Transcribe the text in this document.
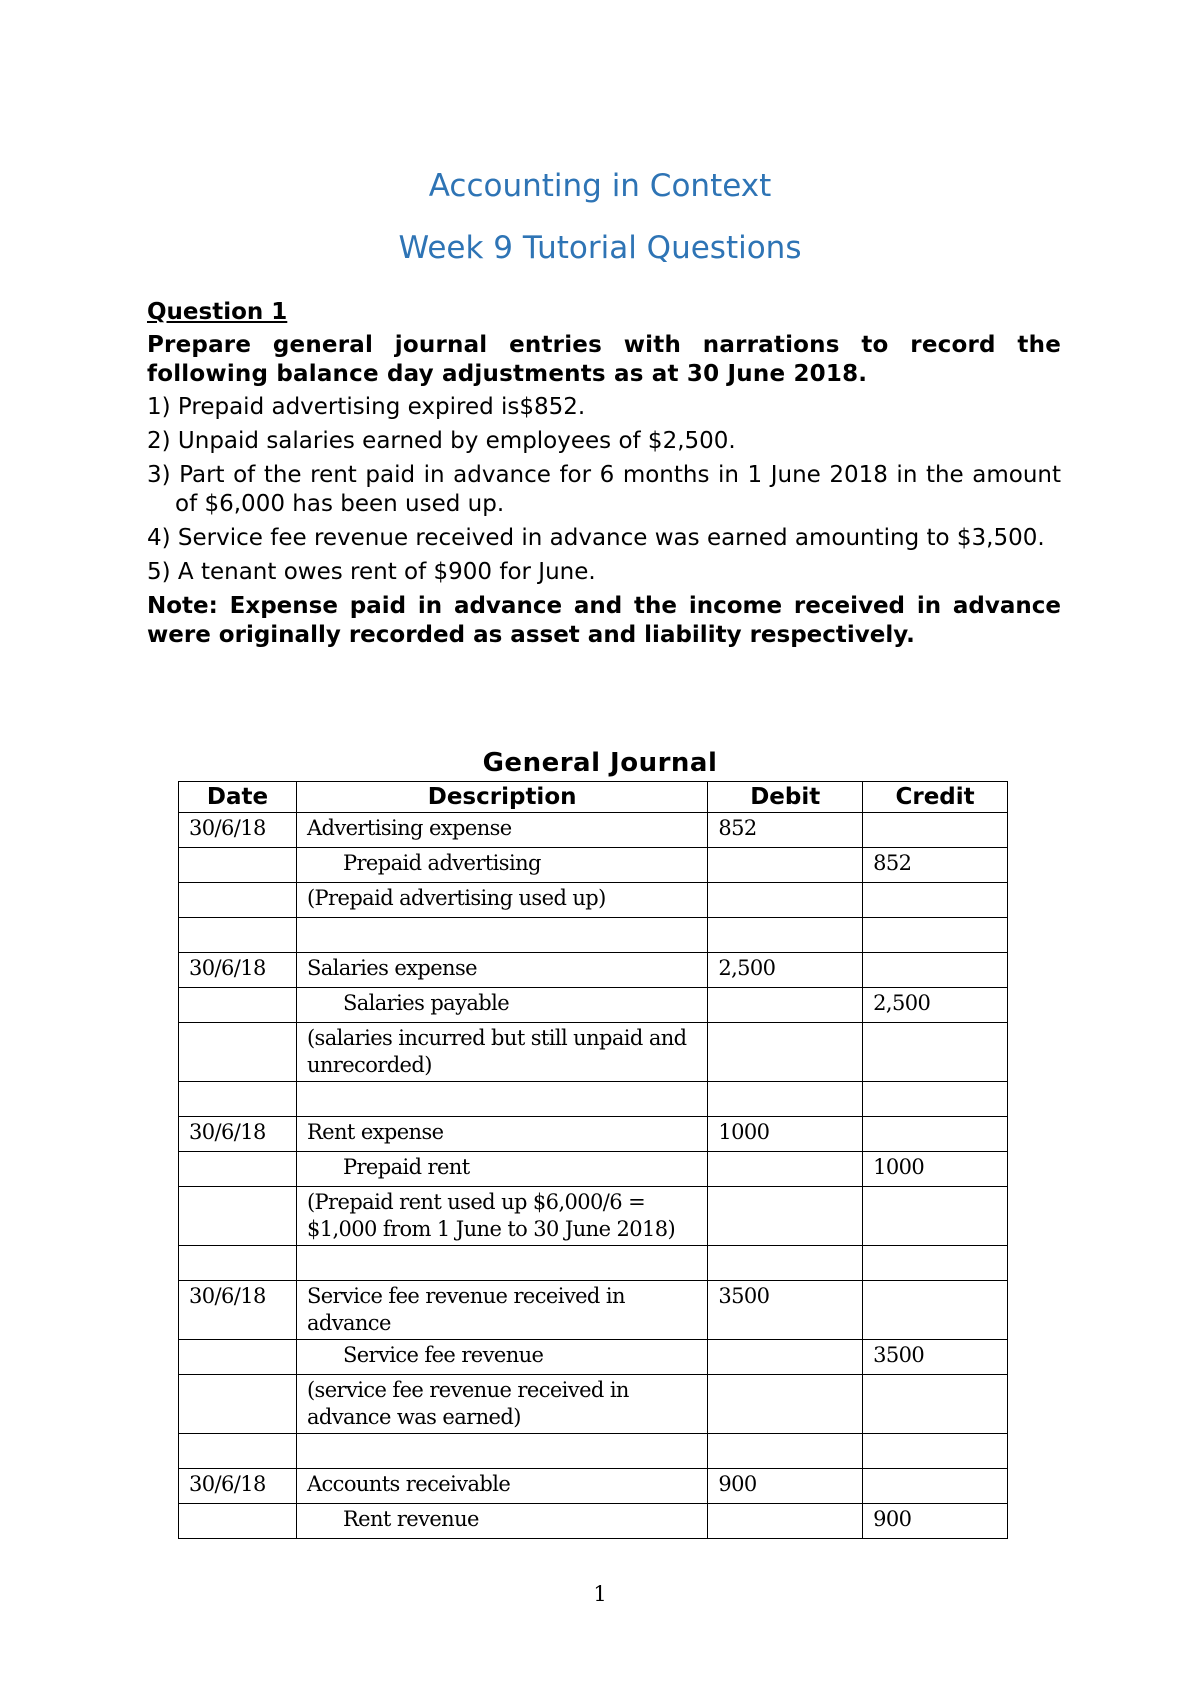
Accounting in Context
Week 9 Tutorial Questions

Question 1

Prepare general journal entries with narrations to record the following balance day adjustments as at 30 June 2018.

1) Prepaid advertising expired is$852.

2) Unpaid salaries earned by employees of $2,500.

3) Part of the rent paid in advance for 6 months in 1 June 2018 in the amount of $6,000 has been used up.

4) Service fee revenue received in advance was earned amounting to $3,500.

5) A tenant owes rent of $900 for June.

Note: Expense paid in advance and the income received in advance were originally recorded as asset and liability respectively.

General Journal
Date	Description	Debit	Credit
30/6/18	Advertising expense	852	
	Prepaid advertising		852
	(Prepaid advertising used up)		

30/6/18	Salaries expense	2,500	
	Salaries payable		2,500
	(salaries incurred but still unpaid and unrecorded)		

30/6/18	Rent expense	1000	
	Prepaid rent		1000
	(Prepaid rent used up $6,000/6 = $1,000 from 1 June to 30 June 2018)		

30/6/18	Service fee revenue received in advance	3500	
	Service fee revenue		3500
	(service fee revenue received in advance was earned)		

30/6/18	Accounts receivable	900	
	Rent revenue		900
1
